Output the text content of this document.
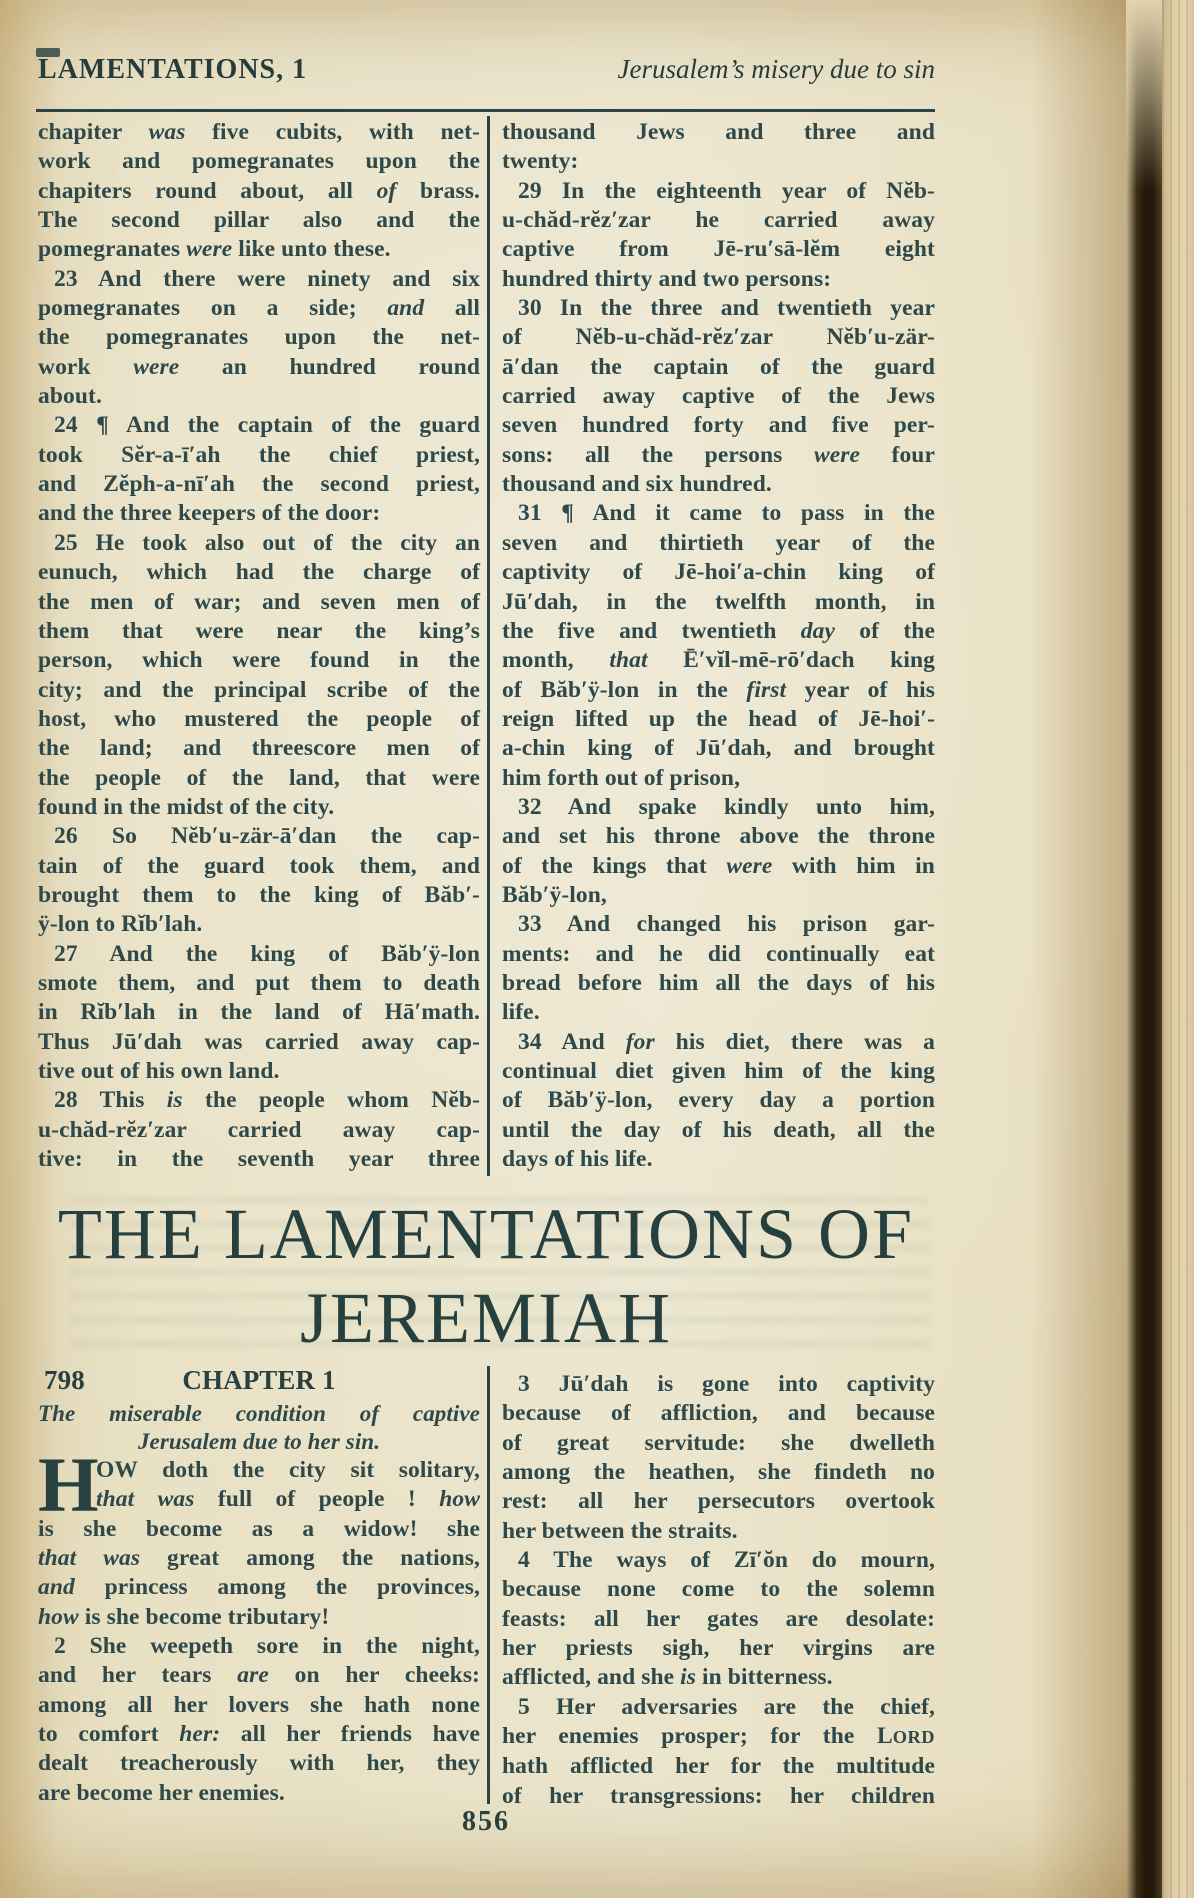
LAMENTATIONS, 1	Jerusalem’s misery due to sin
chapiter was five cubits, with net-
work and pomegranates upon the
chapiters round about, all of brass.
The second pillar also and the
pomegranates were like unto these.
23 And there were ninety and six
pomegranates on a side; and all
the pomegranates upon the net-
work were an hundred round
about.
24 ¶ And the captain of the guard
took Sĕr-a-ī′ah the chief priest,
and Zĕph-a-nī′ah the second priest,
and the three keepers of the door:
25 He took also out of the city an
eunuch, which had the charge of
the men of war; and seven men of
them that were near the king’s
person, which were found in the
city; and the principal scribe of the
host, who mustered the people of
the land; and threescore men of
the people of the land, that were
found in the midst of the city.
26 So Nĕb′u-zär-ā′dan the cap-
tain of the guard took them, and
brought them to the king of Băb′-
ÿ-lon to Rĭb′lah.
27 And the king of Băb′ÿ-lon
smote them, and put them to death
in Rĭb′lah in the land of Hā′math.
Thus Jū′dah was carried away cap-
tive out of his own land.
28 This is the people whom Nĕb-
u-chăd-rĕz′zar carried away cap-
tive: in the seventh year three
thousand Jews and three and
twenty:
29 In the eighteenth year of Nĕb-
u-chăd-rĕz′zar he carried away
captive from Jē-ru′sā-lĕm eight
hundred thirty and two persons:
30 In the three and twentieth year
of Nĕb-u-chăd-rĕz′zar Nĕb′u-zär-
ā′dan the captain of the guard
carried away captive of the Jews
seven hundred forty and five per-
sons: all the persons were four
thousand and six hundred.
31 ¶ And it came to pass in the
seven and thirtieth year of the
captivity of Jē-hoi′a-chin king of
Jū′dah, in the twelfth month, in
the five and twentieth day of the
month, that Ē′vĭl-mē-rō′dach king
of Băb′ÿ-lon in the first year of his
reign lifted up the head of Jē-hoi′-
a-chin king of Jū′dah, and brought
him forth out of prison,
32 And spake kindly unto him,
and set his throne above the throne
of the kings that were with him in
Băb′ÿ-lon,
33 And changed his prison gar-
ments: and he did continually eat
bread before him all the days of his
life.
34 And for his diet, there was a
continual diet given him of the king
of Băb′ÿ-lon, every day a portion
until the day of his death, all the
days of his life.
THE LAMENTATIONS OF
JEREMIAH
798	CHAPTER 1
The miserable condition of captive
Jerusalem due to her sin.
H
OW doth the city sit solitary,
that was full of people ! how
is she become as a widow! she
that was great among the nations,
and princess among the provinces,
how is she become tributary!
2 She weepeth sore in the night,
and her tears are on her cheeks:
among all her lovers she hath none
to comfort her: all her friends have
dealt treacherously with her, they
are become her enemies.
3 Jū′dah is gone into captivity
because of affliction, and because
of great servitude: she dwelleth
among the heathen, she findeth no
rest: all her persecutors overtook
her between the straits.
4 The ways of Zī′ŏn do mourn,
because none come to the solemn
feasts: all her gates are desolate:
her priests sigh, her virgins are
afflicted, and she is in bitterness.
5 Her adversaries are the chief,
her enemies prosper; for the LORD
hath afflicted her for the multitude
of her transgressions: her children
856
